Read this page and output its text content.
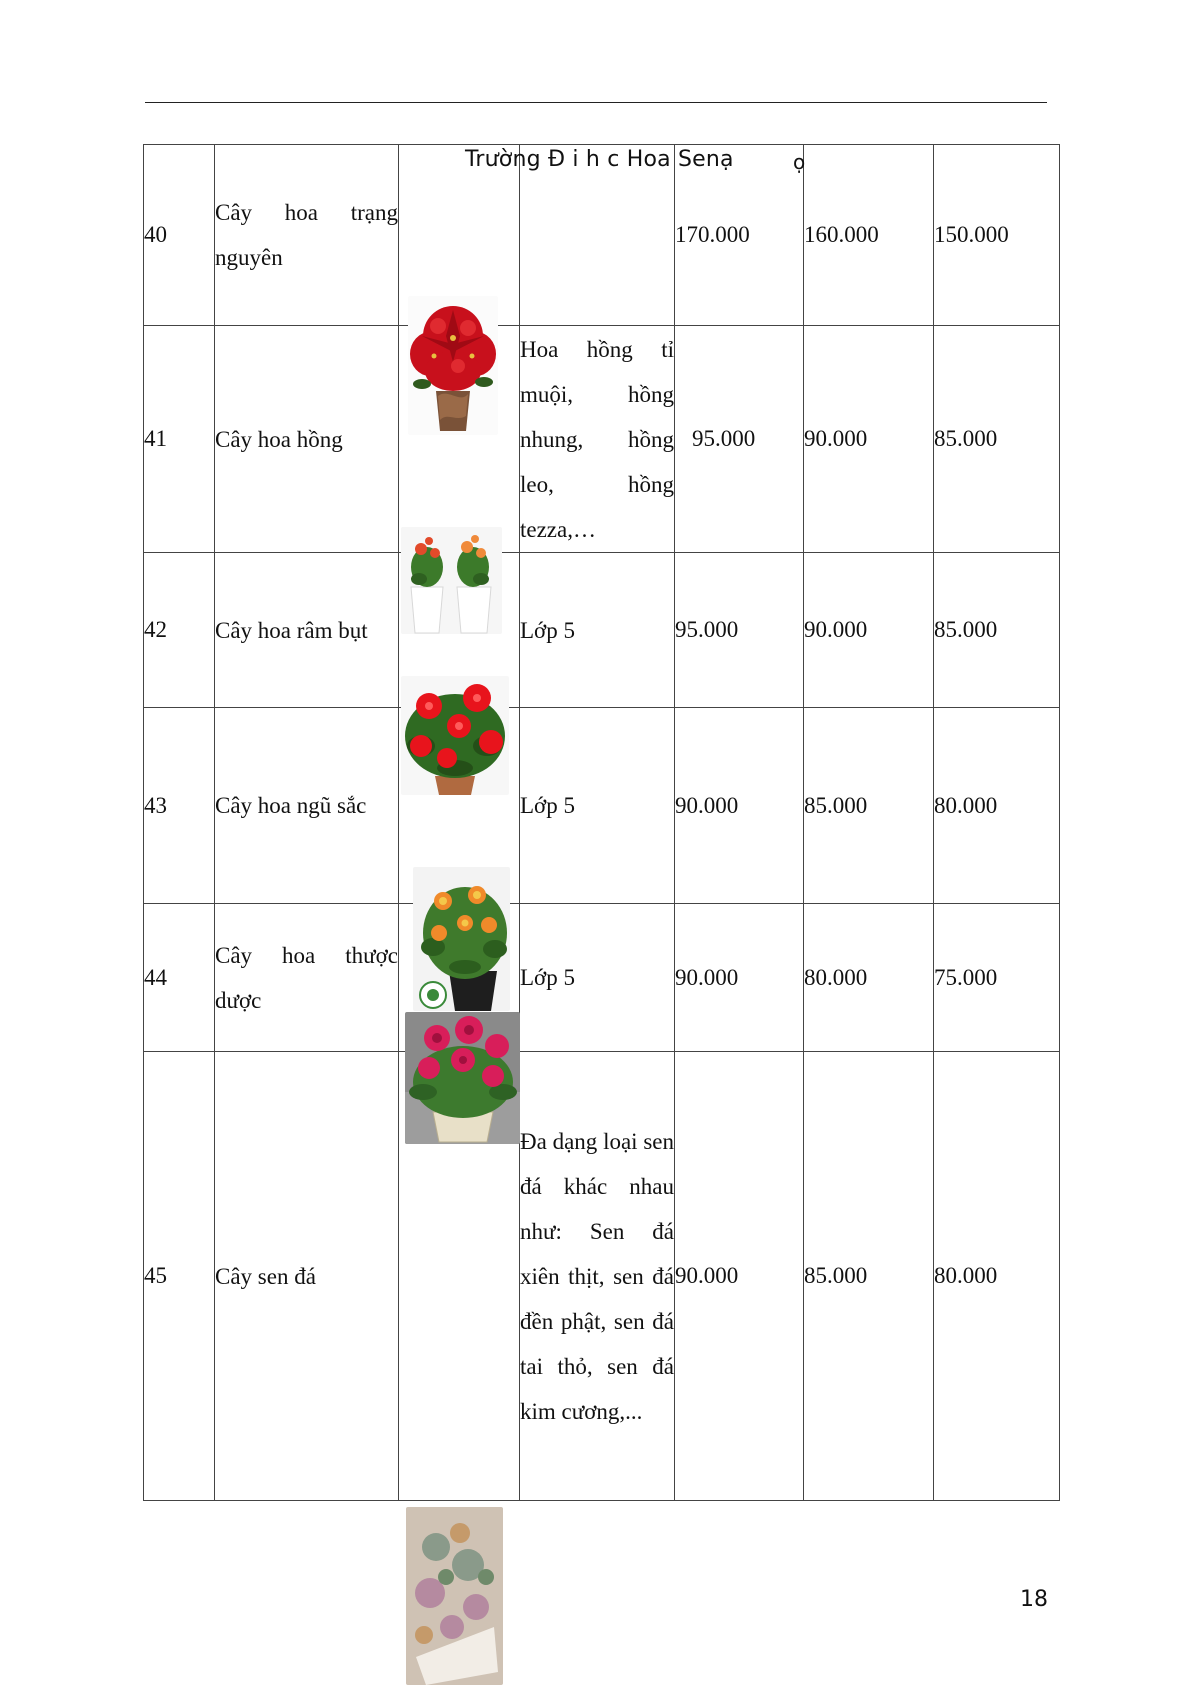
40	Cây hoa trạng nguyên			170.000	160.000	150.000
41	Cây hoa hồng		Hoa hồng tỉ muội, hồng nhung, hồng leo, hồng tezza,…	95.000	90.000	85.000
42	Cây hoa râm bụt		Lớp 5	95.000	90.000	85.000
43	Cây hoa ngũ sắc		Lớp 5	90.000	85.000	80.000
44	Cây hoa thược dược		Lớp 5	90.000	80.000	75.000
45	Cây sen đá		Đa dạng loại sen đá khác nhau như: Sen đá xiên thịt, sen đá đền phật, sen đá tai thỏ, sen đá kim cương,...	90.000	85.000	80.000
Trường Đ i h c Hoa Senạ	ọ
18
